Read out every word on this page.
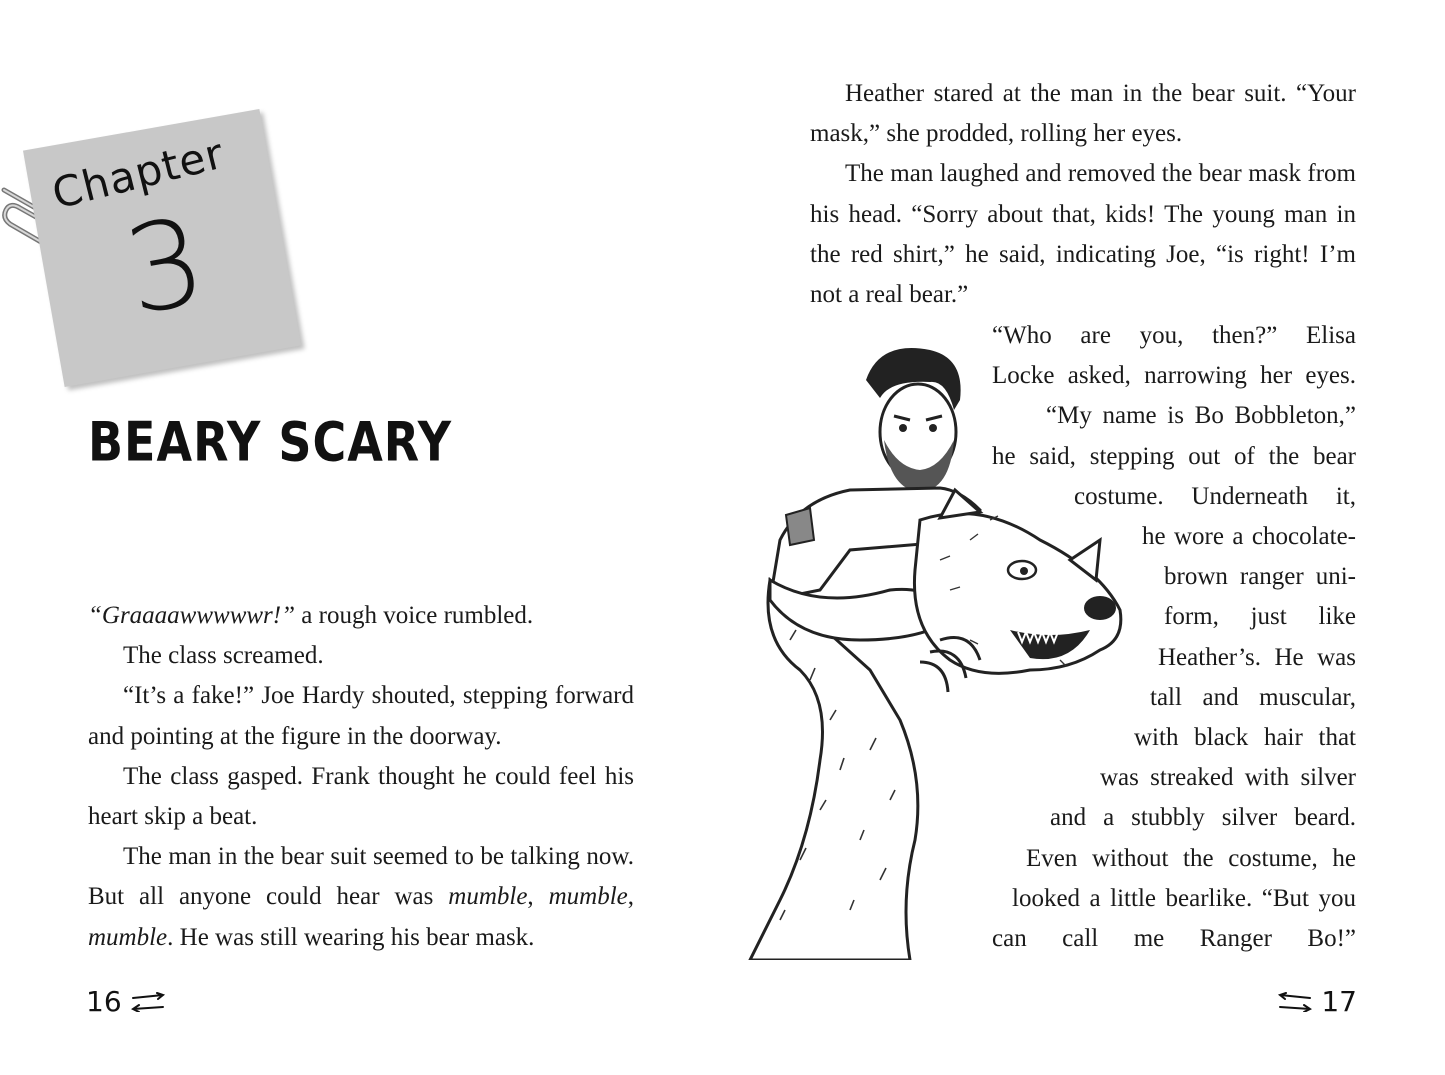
Chapter
3
BEARY SCARY

“Graaaawwwwwr!” a rough voice rumbled.

The class screamed.

“It’s a fake!” Joe Hardy shouted, stepping forward and pointing at the figure in the doorway.

The class gasped. Frank thought he could feel his heart skip a beat.

The man in the bear suit seemed to be talking now. But all anyone could hear was mumble, mumble, mumble. He was still wearing his bear mask.

16

Heather stared at the man in the bear suit. “Your mask,” she prodded, rolling her eyes.

The man laughed and removed the bear mask from his head. “Sorry about that, kids! The young man in the red shirt,” he said, indicating Joe, “is right! I’m not a real bear.”

“Who are you, then?” Elisa
Locke asked, narrowing her eyes.
“My name is Bo Bobbleton,”
he said, stepping out of the bear
costume. Underneath it,
he wore a chocolate-
brown ranger uni-
form, just like
Heather’s. He was
tall and muscular,
with black hair that
was streaked with silver
and a stubbly silver beard.
Even without the costume, he
looked a little bearlike. “But you
can call me Ranger Bo!”
17
